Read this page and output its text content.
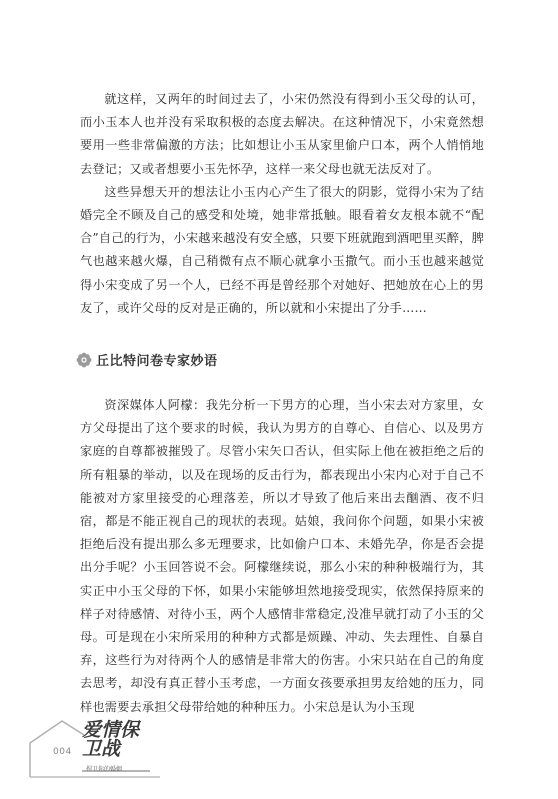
就这样，又两年的时间过去了，小宋仍然没有得到小玉父母的认可，而小玉本人也并没有采取积极的态度去解决。在这种情况下，小宋竟然想要用一些非常偏激的方法；比如想让小玉从家里偷户口本，两个人悄悄地去登记；又或者想要小玉先怀孕，这样一来父母也就无法反对了。

这些异想天开的想法让小玉内心产生了很大的阴影，觉得小宋为了结婚完全不顾及自己的感受和处境，她非常抵触。眼看着女友根本就不“配合”自己的行为，小宋越来越没有安全感，只要下班就跑到酒吧里买醉，脾气也越来越火爆，自己稍微有点不顺心就拿小玉撒气。而小玉也越来越觉得小宋变成了另一个人，已经不再是曾经那个对她好、把她放在心上的男友了，或许父母的反对是正确的，所以就和小宋提出了分手……

丘比特问卷专家妙语

资深媒体人阿檬：我先分析一下男方的心理，当小宋去对方家里，女方父母提出了这个要求的时候，我认为男方的自尊心、自信心、以及男方家庭的自尊都被摧毁了。尽管小宋矢口否认，但实际上他在被拒绝之后的所有粗暴的举动，以及在现场的反击行为，都表现出小宋内心对于自己不能被对方家里接受的心理落差，所以才导致了他后来出去酗酒、夜不归宿，都是不能正视自己的现状的表现。姑娘，我问你个问题，如果小宋被拒绝后没有提出那么多无理要求，比如偷户口本、未婚先孕，你是否会提出分手呢？小玉回答说不会。阿檬继续说，那么小宋的种种极端行为，其实正中小玉父母的下怀，如果小宋能够坦然地接受现实，依然保持原来的样子对待感情、对待小玉，两个人感情非常稳定,没准早就打动了小玉的父母。可是现在小宋所采用的种种方式都是烦躁、冲动、失去理性、自暴自弃，这些行为对待两个人的感情是非常大的伤害。小宋只站在自己的角度去思考，却没有真正替小玉考虑，一方面女孩要承担男友给她的压力，同样也需要去承担父母带给她的种种压力。小宋总是认为小玉现

004
爱情保卫战
捍卫你的婚姻
